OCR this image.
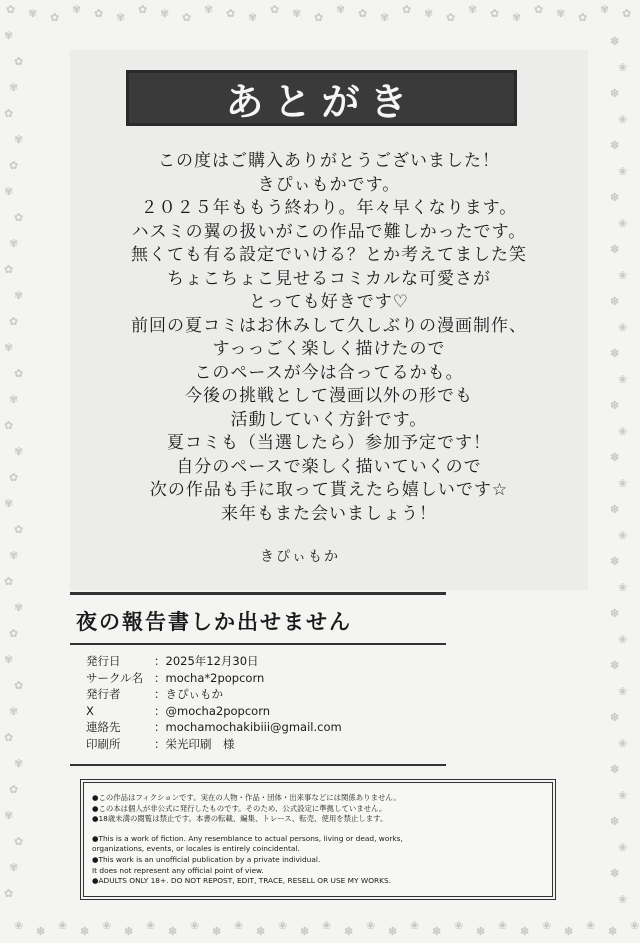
✿
❀
✾
✽
✿
❀
✾
✽
✿
❀
✾
✽
✿
❀
✾
✽
✿
❀
✾
✽
✿
❀
✾
✽
✿
❀
✾
✽
✿
❀
✾
✽
✿
❀
✾
✽
✿
❀
✾
✽
✿
❀
✾
✽
✿
❀
✾
✽
✿
❀
✾
✽
✿
❀
✾
✽
✿
❀
✾	✽
✿	❀
✾	✽
✿	❀
✾	✽
✿	❀
✾	✽
✿	❀
✾	✽
✿	❀
✾	✽
✿	❀
✾	✽
✿	❀
✾	✽
✿	❀
✾	✽
✿	❀
✾	✽
✿	❀
✾	✽
✿	❀
✾	✽
✿	❀
✾	✽
✿	❀
✾	✽
✿	❀
✾	✽
✿	❀
✾	✽
✿	❀
✾	✽
✿	❀
あとがき
この度はご購入ありがとうございました！
きぴぃもかです。
２０２５年ももう終わり。年々早くなります。
ハスミの翼の扱いがこの作品で難しかったです。
無くても有る設定でいける？とか考えてました笑
ちょこちょこ見せるコミカルな可愛さが
とっても好きです♡
前回の夏コミはお休みして久しぶりの漫画制作、
すっっごく楽しく描けたので
このペースが今は合ってるかも。
今後の挑戦として漫画以外の形でも
活動していく方針です。
夏コミも（当選したら）参加予定です！
自分のペースで楽しく描いていくので
次の作品も手に取って貰えたら嬉しいです☆
来年もまた会いましょう！
きぴぃもか
夜の報告書しか出せません
発行日	：2025年12月30日
サークル名 ：mocha*2popcorn
発行者	：きぴぃもか
X	：@mocha2popcorn
連絡先	：mochamochakibiii@gmail.com
印刷所	：栄光印刷　様
●この作品はフィクションです。実在の人物・作品・団体・出来事などには関係ありません。
●この本は個人が非公式に発行したものです。そのため、公式設定に準拠していません。
●18歳未満の閲覧は禁止です。本書の転載、編集、トレース、転売、使用を禁止します。
●This is a work of fiction. Any resemblance to actual persons, living or dead, works,
organizations, events, or locales is entirely coincidental.
●This work is an unofficial publication by a private individual.
It does not represent any official point of view.
●ADULTS ONLY 18+. DO NOT REPOST, EDIT, TRACE, RESELL OR USE MY WORKS.
